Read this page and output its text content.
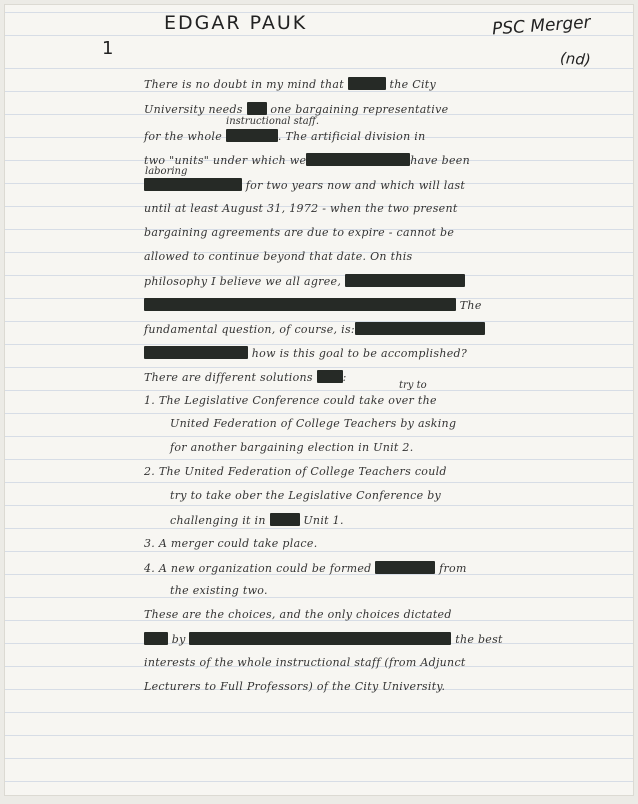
EDGAR PAUK
1
PSC Merger
(nd)
There is no doubt in my mind that	the City
University needs  one bargaining representative
instructional staff.
for the whole	. The artificial division in
two "units" under which we	have been
laboring
for two years now and which will last
until at least August 31, 1972 - when the two present
bargaining agreements are due to expire - cannot be
allowed to continue beyond that date. On this
philosophy I believe we all agree,
The
fundamental question, of course, is:
how is this goal to be accomplished?
There are different solutions :
try to
1. The Legislative Conference could take over the
United Federation of College Teachers by asking
for another bargaining election in Unit 2.
2. The United Federation of College Teachers could
try to take ober the Legislative Conference by
challenging it in	Unit 1.
3. A merger could take place.
4. A new organization could be formed	from
the existing two.
These are the choices, and the only choices dictated
by	the best
interests of the whole instructional staff (from Adjunct
Lecturers to Full Professors) of the City University.
